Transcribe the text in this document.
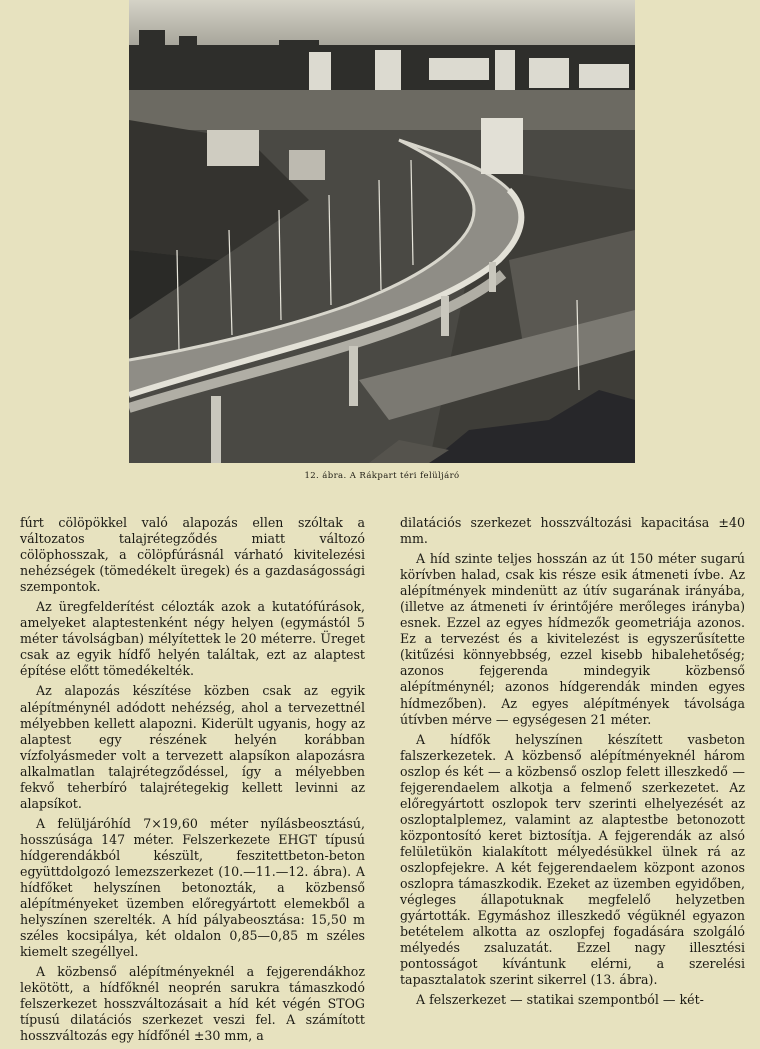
12. ábra. A Rákpart téri felüljáró

fúrt cölöpökkel való alapozás ellen szóltak a változatos talajrétegződés miatt változó cölöphosszak, a cölöpfúrásnál várható kivitelezési nehézségek (tömedékelt üregek) és a gazdaságossági szempontok.

Az üregfelderítést célozták azok a kutatófúrások, amelyeket alaptestenként négy helyen (egymástól 5 méter távolságban) mélyítettek le 20 méterre. Üreget csak az egyik hídfő helyén találtak, ezt az alaptest építése előtt tömedékelték.

Az alapozás készítése közben csak az egyik alépítménynél adódott nehézség, ahol a tervezettnél mélyebben kellett alapozni. Kiderült ugyanis, hogy az alaptest egy részének helyén korábban vízfolyásmeder volt a tervezett alapsíkon alapozásra alkalmatlan talajrétegződéssel, így a mélyebben fekvő teherbíró talajrétegekig kellett levinni az alapsíkot.

A felüljáróhíd 7×19,60 méter nyílásbeosztású, hosszúsága 147 méter. Felszerkezete EHGT típusú hídgerendákból készült, feszitettbeton-beton együttdolgozó lemezszerkezet (10.—11.—12. ábra). A hídfőket helyszínen betonozták, a közbenső alépítményeket üzemben előregyártott elemekből a helyszínen szerelték. A híd pályabeosztása: 15,50 m széles kocsipálya, két oldalon 0,85—0,85 m széles kiemelt szegéllyel.

A közbenső alépítményeknél a fejgerendákhoz lekötött, a hídfőknél neoprén sarukra támaszkodó felszerkezet hosszváltozásait a híd két végén STOG típusú dilatációs szerkezet veszi fel. A számított hosszváltozás egy hídfőnél ±30 mm, a

dilatációs szerkezet hosszváltozási kapacitása ±40 mm.

A híd szinte teljes hosszán az út 150 méter sugarú körívben halad, csak kis része esik átmeneti ívbe. Az alépítmények mindenütt az útív sugarának irányába, (illetve az átmeneti ív érintőjére merőleges irányba) esnek. Ezzel az egyes hídmezők geometriája azonos. Ez a tervezést és a kivitelezést is egyszerűsítette (kitűzési könnyebbség, ezzel kisebb hibalehetőség; azonos fejgerenda mindegyik közbenső alépítménynél; azonos hídgerendák minden egyes hídmezőben). Az egyes alépítmények távolsága útívben mérve — egységesen 21 méter.

A hídfők helyszínen készített vasbeton falszerkezetek. A közbenső alépítményeknél három oszlop és két — a közbenső oszlop felett illeszkedő — fejgerendaelem alkotja a felmenő szerkezetet. Az előregyártott oszlopok terv szerinti elhelyezését az oszloptalplemez, valamint az alaptestbe betonozott központosító keret biztosítja. A fejgerendák az alsó felületükön kialakított mélyedésükkel ülnek rá az oszlopfejekre. A két fejgerendaelem központ azonos oszlopra támaszkodik. Ezeket az üzemben egyidőben, végleges állapotuknak megfelelő helyzetben gyártották. Egymáshoz illeszkedő végüknél egyazon betételem alkotta az oszlopfej fogadására szolgáló mélyedés zsaluzatát. Ezzel nagy illesztési pontosságot kívántunk elérni, a szerelési tapasztalatok szerint sikerrel (13. ábra).

A felszerkezet — statikai szempontból — két-
